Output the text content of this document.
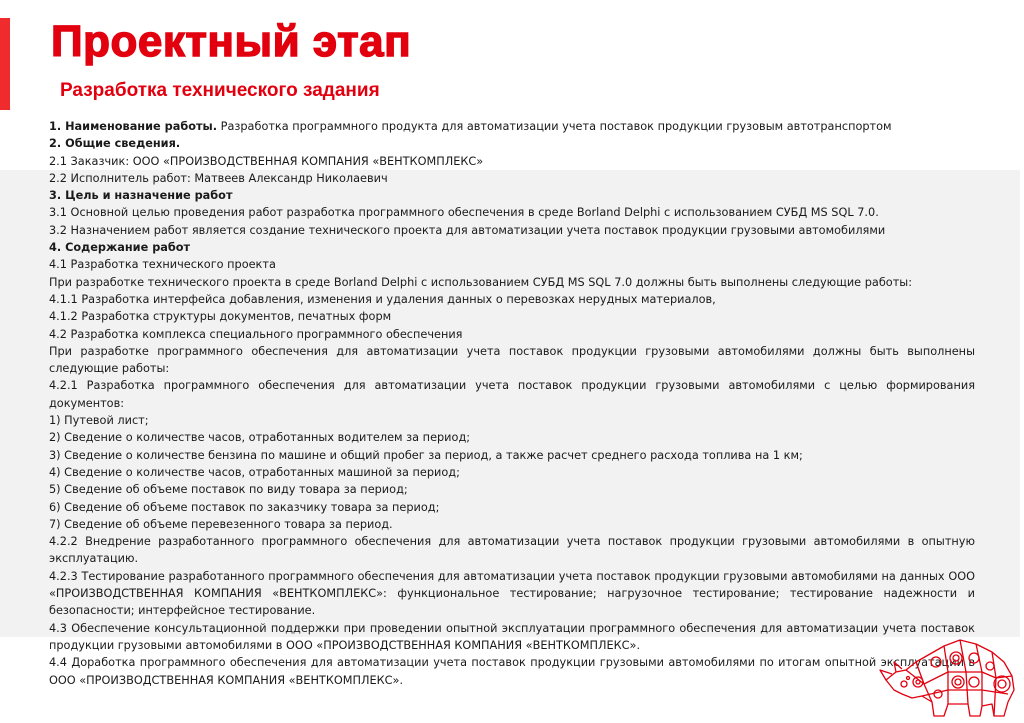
Проектный этап
Разработка технического задания
1. Наименование работы. Разработка программного продукта для автоматизации учета поставок продукции грузовым автотранспортом
2. Общие сведения.
2.1 Заказчик: ООО «ПРОИЗВОДСТВЕННАЯ КОМПАНИЯ «ВЕНТКОМПЛЕКС»
2.2 Исполнитель работ: Матвеев Александр Николаевич
3. Цель и назначение работ
3.1 Основной целью проведения работ разработка программного обеспечения в среде Borland Delphi с использованием СУБД MS SQL 7.0.
3.2 Назначением работ является создание технического проекта для автоматизации учета поставок продукции грузовыми автомобилями
4. Содержание работ
4.1 Разработка технического проекта
При разработке технического проекта в среде Borland Delphi с использованием СУБД MS SQL 7.0 должны быть выполнены следующие работы:
4.1.1 Разработка интерфейса добавления, изменения и удаления данных о перевозках нерудных материалов,
4.1.2 Разработка структуры документов, печатных форм
4.2 Разработка комплекса специального программного обеспечения
При разработке программного обеспечения для автоматизации учета поставок продукции грузовыми автомобилями должны быть выполнены следующие работы:
4.2.1 Разработка программного обеспечения для автоматизации учета поставок продукции грузовыми автомобилями с целью формирования документов:
1) Путевой лист;
2) Сведение о количестве часов, отработанных водителем за период;
3) Сведение о количестве бензина по машине и общий пробег за период, а также расчет среднего расхода топлива на 1 км;
4) Сведение о количестве часов, отработанных машиной за период;
5) Сведение об объеме поставок по виду товара за период;
6) Сведение об объеме поставок по заказчику товара за период;
7) Сведение об объеме перевезенного товара за период.
4.2.2 Внедрение разработанного программного обеспечения для автоматизации учета поставок продукции грузовыми автомобилями в опытную эксплуатацию.
4.2.3 Тестирование разработанного программного обеспечения для автоматизации учета поставок продукции грузовыми автомобилями на данных ООО «ПРОИЗВОДСТВЕННАЯ КОМПАНИЯ «ВЕНТКОМПЛЕКС»: функциональное тестирование; нагрузочное тестирование; тестирование надежности и безопасности; интерфейсное тестирование.
4.3 Обеспечение консультационной поддержки при проведении опытной эксплуатации программного обеспечения для автоматизации учета поставок продукции грузовыми автомобилями в ООО «ПРОИЗВОДСТВЕННАЯ КОМПАНИЯ «ВЕНТКОМПЛЕКС».
4.4 Доработка программного обеспечения для автоматизации учета поставок продукции грузовыми автомобилями по итогам опытной эксплуатации в ООО «ПРОИЗВОДСТВЕННАЯ КОМПАНИЯ «ВЕНТКОМПЛЕКС».
